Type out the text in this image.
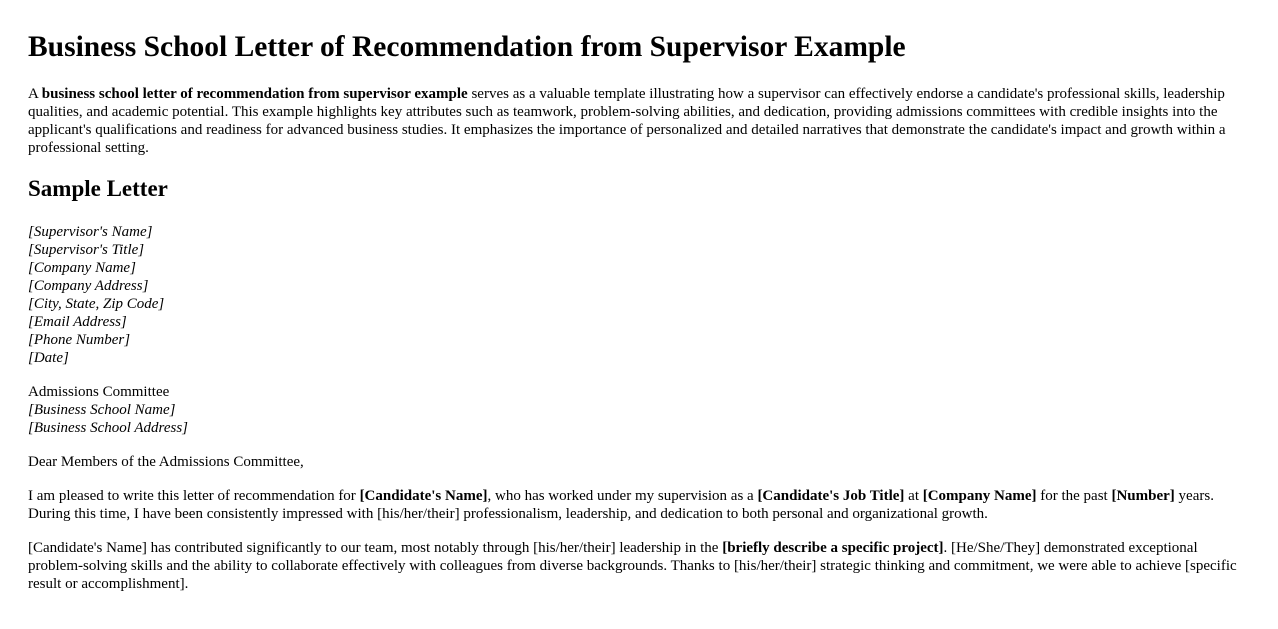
Business School Letter of Recommendation from Supervisor Example

A business school letter of recommendation from supervisor example serves as a valuable template illustrating how a supervisor can effectively endorse a candidate's professional skills, leadership qualities, and academic potential. This example highlights key attributes such as teamwork, problem-solving abilities, and dedication, providing admissions committees with credible insights into the applicant's qualifications and readiness for advanced business studies. It emphasizes the importance of personalized and detailed narratives that demonstrate the candidate's impact and growth within a professional setting.

Sample Letter
[Supervisor's Name]
[Supervisor's Title]
[Company Name]
[Company Address]
[City, State, Zip Code]
[Email Address]
[Phone Number]
[Date]
Admissions Committee
[Business School Name]
[Business School Address]

Dear Members of the Admissions Committee,

I am pleased to write this letter of recommendation for [Candidate's Name], who has worked under my supervision as a [Candidate's Job Title] at [Company Name] for the past [Number] years. During this time, I have been consistently impressed with [his/her/their] professionalism, leadership, and dedication to both personal and organizational growth.

[Candidate's Name] has contributed significantly to our team, most notably through [his/her/their] leadership in the [briefly describe a specific project]. [He/She/They] demonstrated exceptional problem-solving skills and the ability to collaborate effectively with colleagues from diverse backgrounds. Thanks to [his/her/their] strategic thinking and commitment, we were able to achieve [specific result or accomplishment].
